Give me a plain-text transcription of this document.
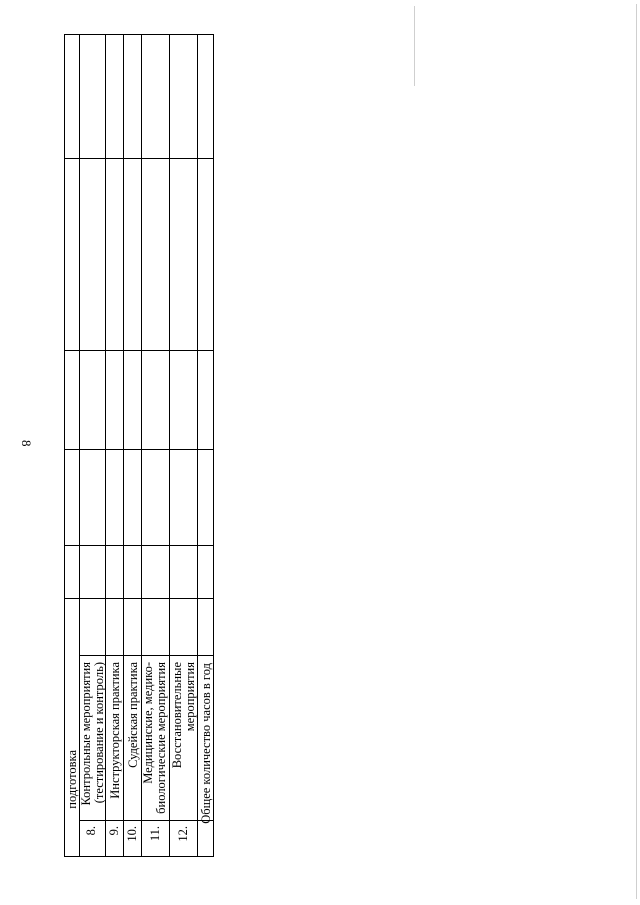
8
подготовка
8.
Контрольные мероприятия (тестирование и контроль)
9.
Инструкторская практика
10.
Судейская практика
11.
Медицинские, медико- биологические мероприятия
12.
Восстановительные мероприятия Общее количество часов в год
